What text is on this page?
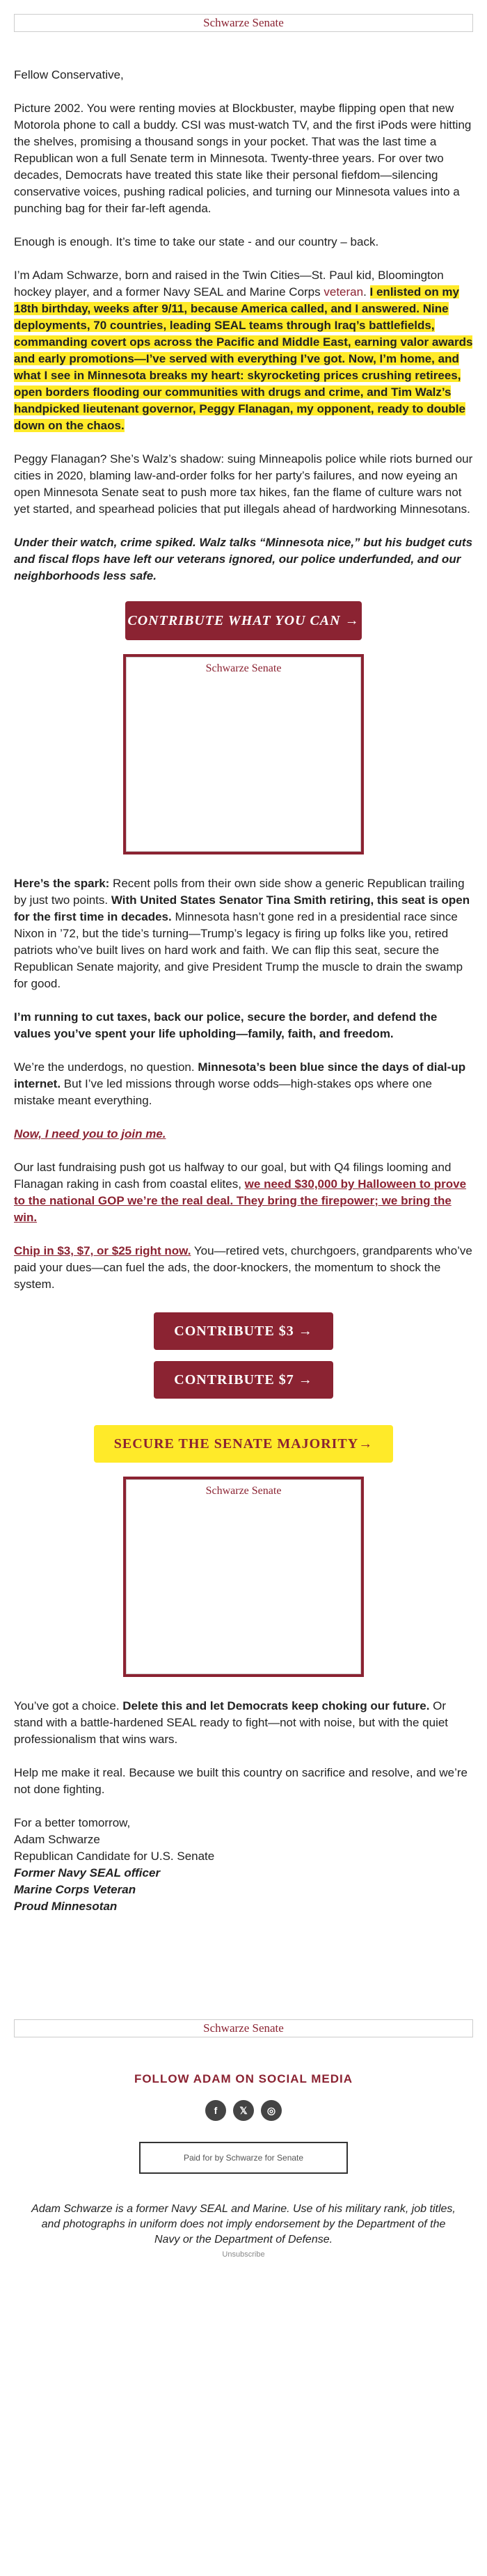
Schwarze Senate

Fellow Conservative,

Picture 2002. You were renting movies at Blockbuster, maybe flipping open that new Motorola phone to call a buddy. CSI was must-watch TV, and the first iPods were hitting the shelves, promising a thousand songs in your pocket. That was the last time a Republican won a full Senate term in Minnesota. Twenty-three years. For over two decades, Democrats have treated this state like their personal fiefdom—silencing conservative voices, pushing radical policies, and turning our Minnesota values into a punching bag for their far-left agenda.

Enough is enough. It’s time to take our state - and our country – back.

I’m Adam Schwarze, born and raised in the Twin Cities—St. Paul kid, Bloomington hockey player, and a former Navy SEAL and Marine Corps veteran. I enlisted on my 18th birthday, weeks after 9/11, because America called, and I answered. Nine deployments, 70 countries, leading SEAL teams through Iraq’s battlefields, commanding covert ops across the Pacific and Middle East, earning valor awards and early promotions—I’ve served with everything I’ve got. Now, I’m home, and what I see in Minnesota breaks my heart: skyrocketing prices crushing retirees, open borders flooding our communities with drugs and crime, and Tim Walz’s handpicked lieutenant governor, Peggy Flanagan, my opponent, ready to double down on the chaos.

Peggy Flanagan? She’s Walz’s shadow: suing Minneapolis police while riots burned our cities in 2020, blaming law-and-order folks for her party’s failures, and now eyeing an open Minnesota Senate seat to push more tax hikes, fan the flame of culture wars not yet started, and spearhead policies that put illegals ahead of hardworking Minnesotans.

Under their watch, crime spiked. Walz talks “Minnesota nice,” but his budget cuts and fiscal flops have left our veterans ignored, our police underfunded, and our neighborhoods less safe.

CONTRIBUTE WHAT YOU CAN →
Schwarze Senate

Here’s the spark: Recent polls from their own side show a generic Republican trailing by just two points. With United States Senator Tina Smith retiring, this seat is open for the first time in decades. Minnesota hasn’t gone red in a presidential race since Nixon in ’72, but the tide’s turning—Trump’s legacy is firing up folks like you, retired patriots who’ve built lives on hard work and faith. We can flip this seat, secure the Republican Senate majority, and give President Trump the muscle to drain the swamp for good.

I’m running to cut taxes, back our police, secure the border, and defend the values you’ve spent your life upholding—family, faith, and freedom.

We’re the underdogs, no question. Minnesota’s been blue since the days of dial-up internet. But I’ve led missions through worse odds—high-stakes ops where one mistake meant everything.

Now, I need you to join me.

Our last fundraising push got us halfway to our goal, but with Q4 filings looming and Flanagan raking in cash from coastal elites, we need $30,000 by Halloween to prove to the national GOP we’re the real deal. They bring the firepower; we bring the win.

Chip in $3, $7, or $25 right now. You—retired vets, churchgoers, grandparents who’ve paid your dues—can fuel the ads, the door-knockers, the momentum to shock the system.

CONTRIBUTE $3 →
CONTRIBUTE $7 →
SECURE THE SENATE MAJORITY→
Schwarze Senate

You’ve got a choice. Delete this and let Democrats keep choking our future. Or stand with a battle-hardened SEAL ready to fight—not with noise, but with the quiet professionalism that wins wars.

Help me make it real. Because we built this country on sacrifice and resolve, and we’re not done fighting.

For a better tomorrow,

Adam Schwarze

Republican Candidate for U.S. Senate

Former Navy SEAL officer

Marine Corps Veteran

Proud Minnesotan

Schwarze Senate
FOLLOW ADAM ON SOCIAL MEDIA
f	𝕏	◎
Paid for by Schwarze for Senate
Adam Schwarze is a former Navy SEAL and Marine. Use of his military rank, job titles, and photographs in uniform does not imply endorsement by the Department of the Navy or the Department of Defense.
Unsubscribe
